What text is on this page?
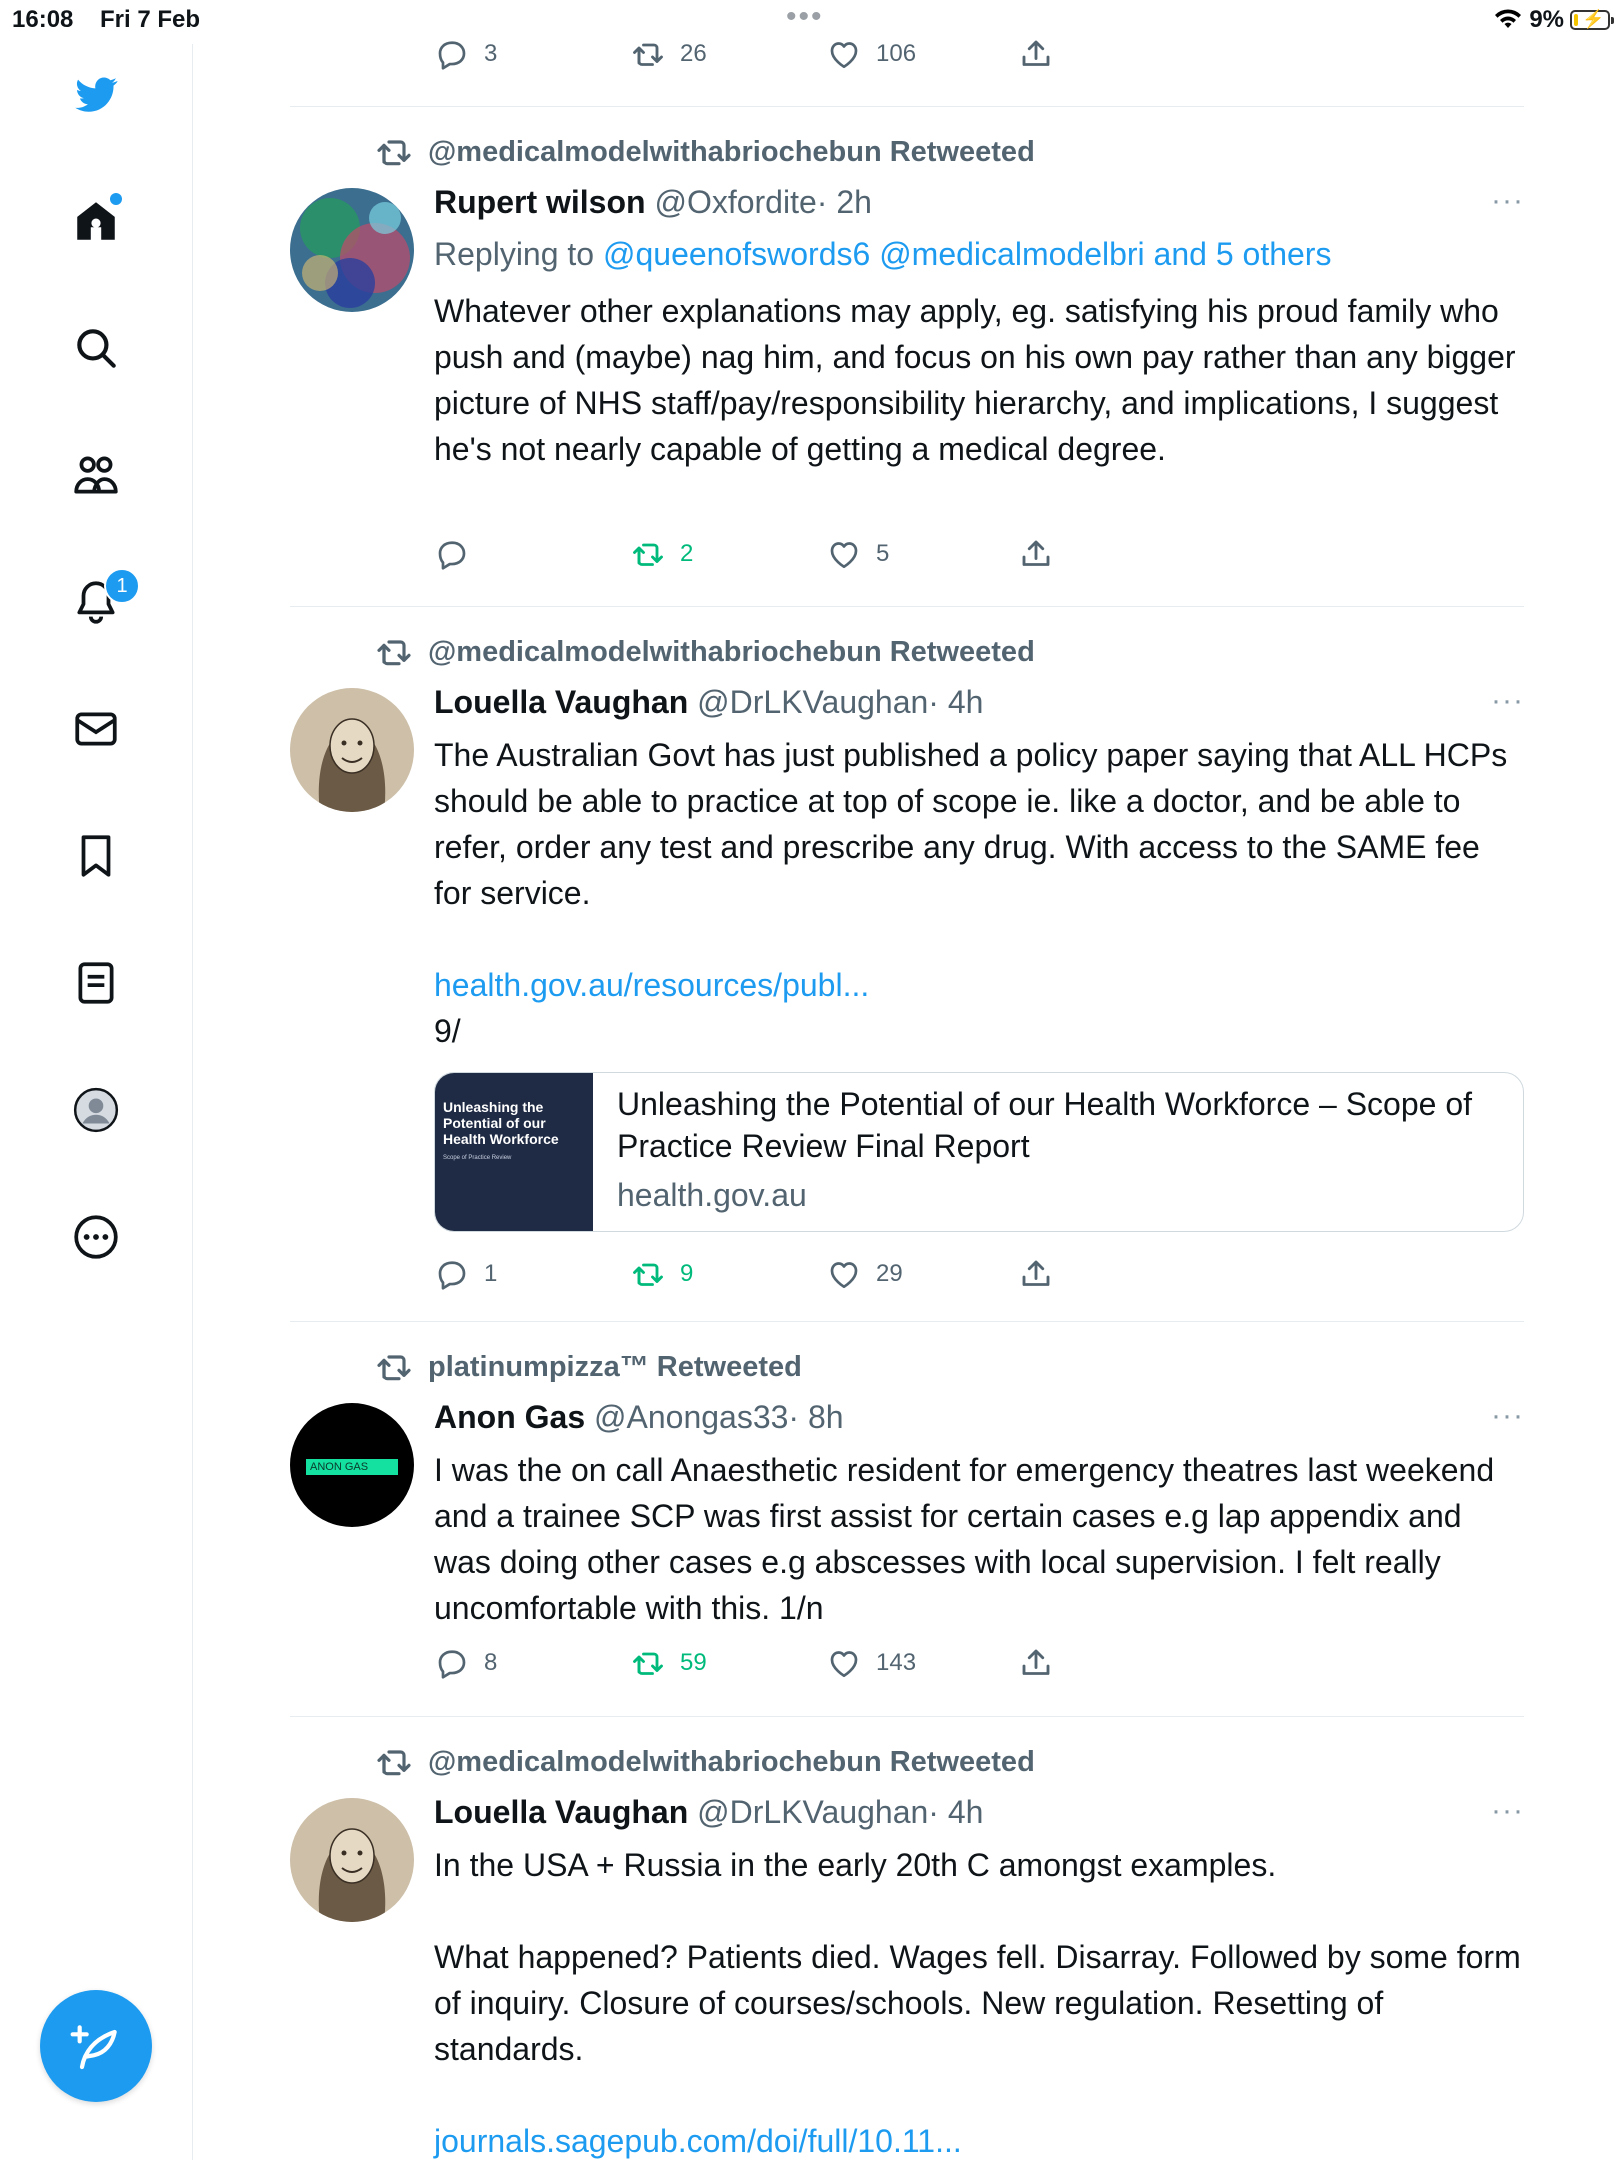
16:08 Fri 7 Feb	•••	9% ⚡
1
3	26	106
@medicalmodelwithabriochebun Retweeted
Rupert wilson @Oxfordite· 2h	···
Replying to @queenofswords6 @medicalmodelbri and 5 others
Whatever other explanations may apply, eg. satisfying his proud family who push and (maybe) nag him, and focus on his own pay rather than any bigger picture of NHS staff/pay/responsibility hierarchy, and implications, I suggest he's not nearly capable of getting a medical degree.
2	5
@medicalmodelwithabriochebun Retweeted
Louella Vaughan @DrLKVaughan· 4h	···
The Australian Govt has just published a policy paper saying that ALL HCPs should be able to practice at top of scope ie. like a doctor, and be able to refer, order any test and prescribe any drug. With access to the SAME fee for service.
health.gov.au/resources/publ...
9/
Unleashing the Potential of our Health Workforce
Scope of Practice Review
Unleashing the Potential of our Health Workforce – Scope of Practice Review Final Report
health.gov.au
1	9	29
platinumpizza™ Retweeted
ANON GAS
Anon Gas @Anongas33· 8h	···
I was the on call Anaesthetic resident for emergency theatres last weekend and a trainee SCP was first assist for certain cases e.g lap appendix and was doing other cases e.g abscesses with local supervision. I felt really uncomfortable with this. 1/n
8	59	143
@medicalmodelwithabriochebun Retweeted
Louella Vaughan @DrLKVaughan· 4h	···
In the USA + Russia in the early 20th C amongst examples.
What happened? Patients died. Wages fell. Disarray. Followed by some form of inquiry. Closure of courses/schools. New regulation. Resetting of standards.
journals.sagepub.com/doi/full/10.11...
